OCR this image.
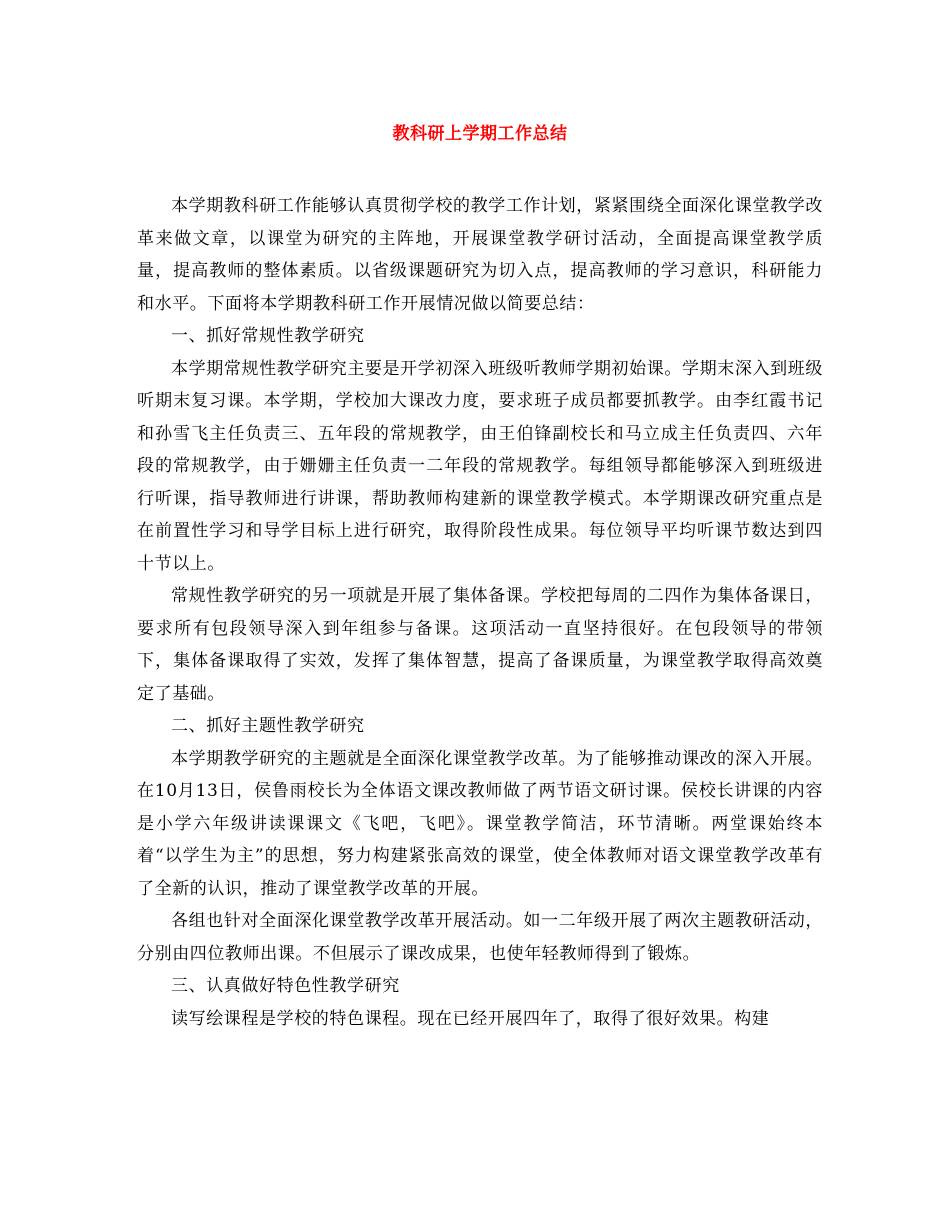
教科研上学期工作总结

本学期教科研工作能够认真贯彻学校的教学工作计划，紧紧围绕全面深化课堂教学改革来做文章，以课堂为研究的主阵地，开展课堂教学研讨活动，全面提高课堂教学质量，提高教师的整体素质。以省级课题研究为切入点，提高教师的学习意识，科研能力和水平。下面将本学期教科研工作开展情况做以简要总结：

一、抓好常规性教学研究

本学期常规性教学研究主要是开学初深入班级听教师学期初始课。学期末深入到班级听期末复习课。本学期，学校加大课改力度，要求班子成员都要抓教学。由李红霞书记和孙雪飞主任负责三、五年段的常规教学，由王伯锋副校长和马立成主任负责四、六年段的常规教学，由于姗姗主任负责一二年段的常规教学。每组领导都能够深入到班级进行听课，指导教师进行讲课，帮助教师构建新的课堂教学模式。本学期课改研究重点是在前置性学习和导学目标上进行研究，取得阶段性成果。每位领导平均听课节数达到四十节以上。

常规性教学研究的另一项就是开展了集体备课。学校把每周的二四作为集体备课日，要求所有包段领导深入到年组参与备课。这项活动一直坚持很好。在包段领导的带领下，集体备课取得了实效，发挥了集体智慧，提高了备课质量，为课堂教学取得高效奠定了基础。

二、抓好主题性教学研究

本学期教学研究的主题就是全面深化课堂教学改革。为了能够推动课改的深入开展。在10月13日，侯鲁雨校长为全体语文课改教师做了两节语文研讨课。侯校长讲课的内容是小学六年级讲读课课文《飞吧，飞吧》。课堂教学简洁，环节清晰。两堂课始终本着“以学生为主”的思想，努力构建紧张高效的课堂，使全体教师对语文课堂教学改革有了全新的认识，推动了课堂教学改革的开展。

各组也针对全面深化课堂教学改革开展活动。如一二年级开展了两次主题教研活动，分别由四位教师出课。不但展示了课改成果，也使年轻教师得到了锻炼。

三、认真做好特色性教学研究

读写绘课程是学校的特色课程。现在已经开展四年了，取得了很好效果。构建
